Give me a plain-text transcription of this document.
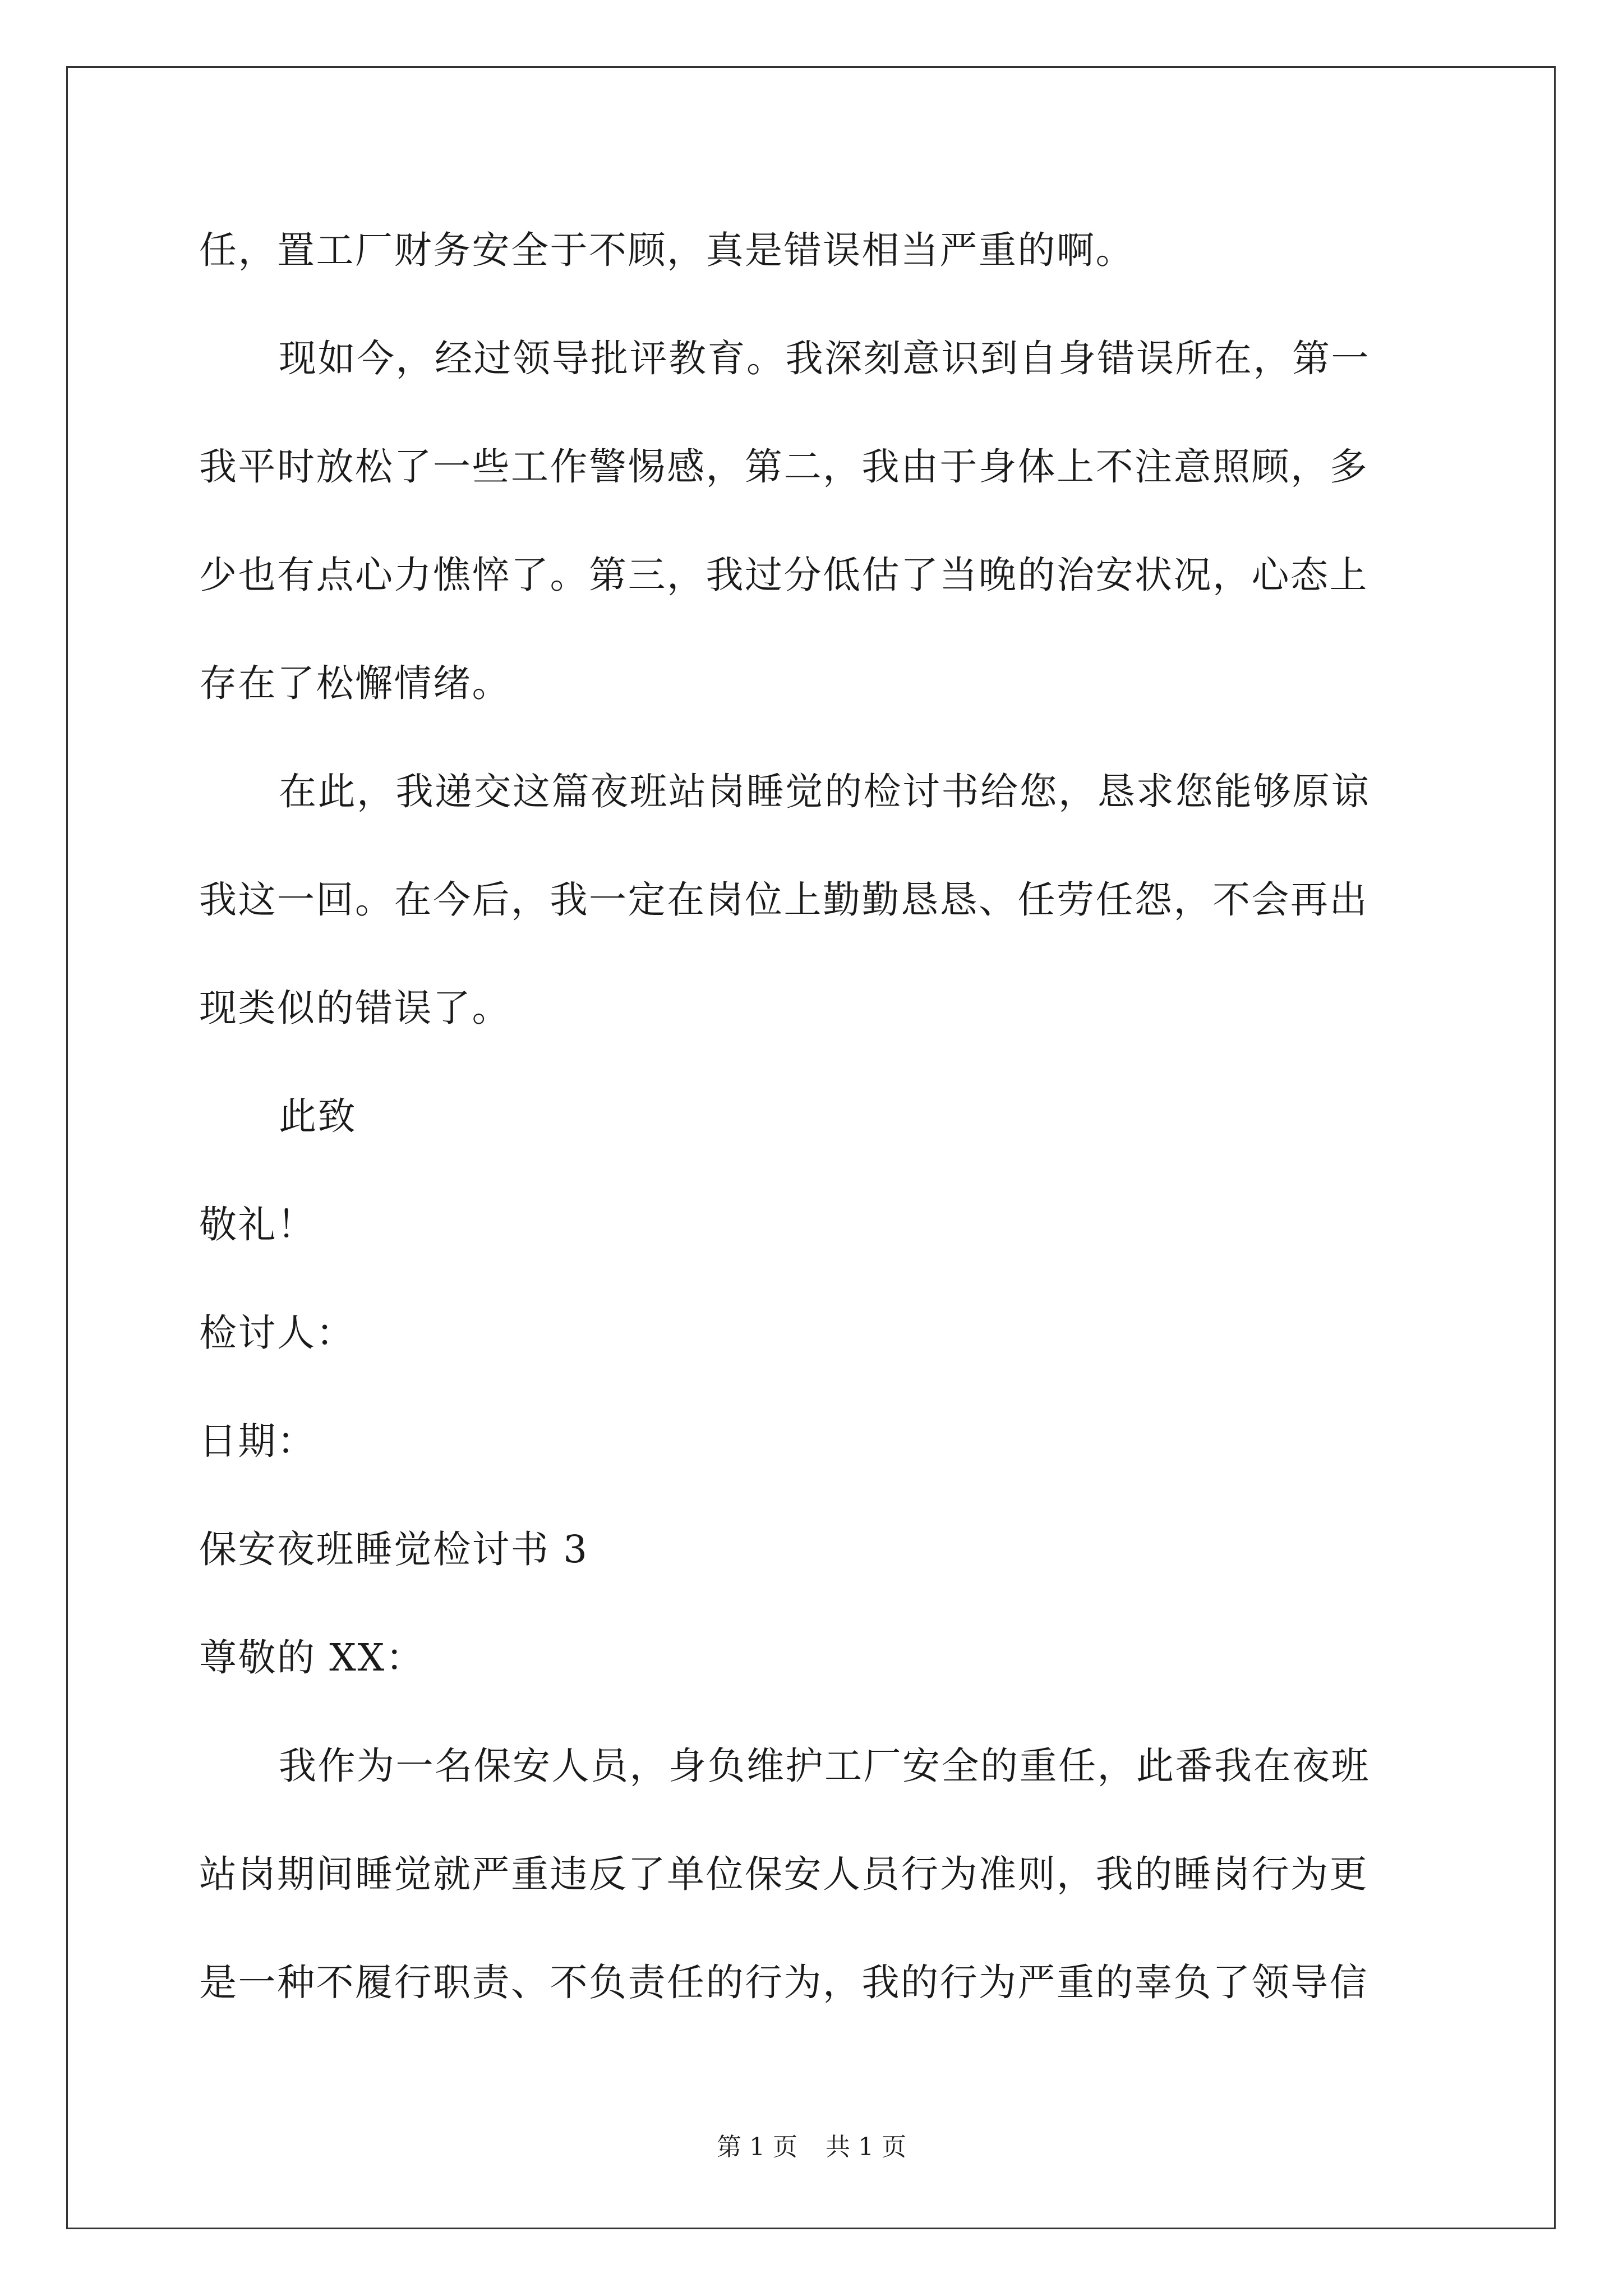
任，置工厂财务安全于不顾，真是错误相当严重的啊。
现如今，经过领导批评教育。我深刻意识到自身错误所在，第一
我平时放松了一些工作警惕感，第二，我由于身体上不注意照顾，多
少也有点心力憔悴了。第三，我过分低估了当晚的治安状况，心态上
存在了松懈情绪。
在此，我递交这篇夜班站岗睡觉的检讨书给您，恳求您能够原谅
我这一回。在今后，我一定在岗位上勤勤恳恳、任劳任怨，不会再出
现类似的错误了。
此致
敬礼！
检讨人：
日期：
保安夜班睡觉检讨书 3
尊敬的 XX：
我作为一名保安人员，身负维护工厂安全的重任，此番我在夜班
站岗期间睡觉就严重违反了单位保安人员行为准则，我的睡岗行为更
是一种不履行职责、不负责任的行为，我的行为严重的辜负了领导信
第 1 页 共 1 页
